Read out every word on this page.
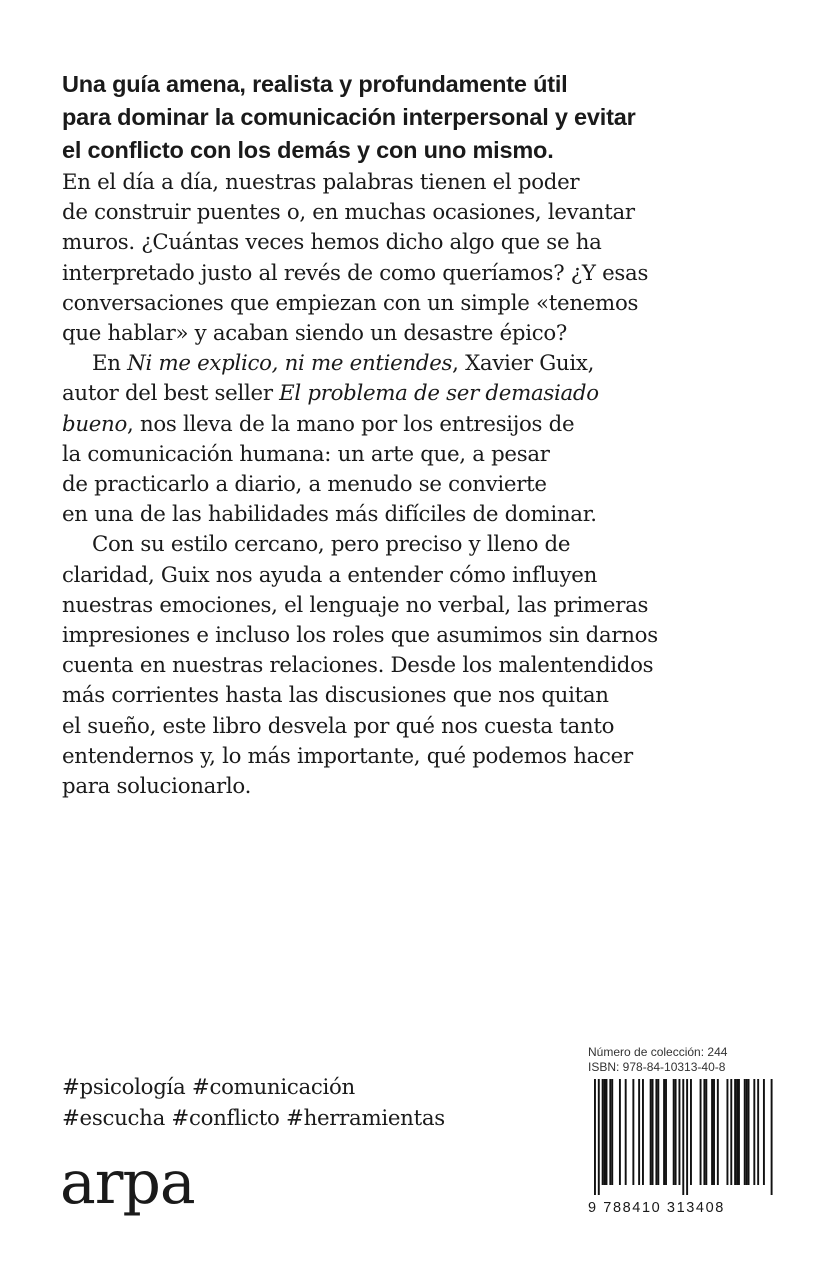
Una guía amena, realista y profundamente útil
para dominar la comunicación interpersonal y evitar
el conflicto con los demás y con uno mismo.
En el día a día, nuestras palabras tienen el poder
de construir puentes o, en muchas ocasiones, levantar
muros. ¿Cuántas veces hemos dicho algo que se ha
interpretado justo al revés de como queríamos? ¿Y esas
conversaciones que empiezan con un simple «tenemos
que hablar» y acaban siendo un desastre épico?
En Ni me explico, ni me entiendes, Xavier Guix,
autor del best seller El problema de ser demasiado
bueno, nos lleva de la mano por los entresijos de
la comunicación humana: un arte que, a pesar
de practicarlo a diario, a menudo se convierte
en una de las habilidades más difíciles de dominar.
Con su estilo cercano, pero preciso y lleno de
claridad, Guix nos ayuda a entender cómo influyen
nuestras emociones, el lenguaje no verbal, las primeras
impresiones e incluso los roles que asumimos sin darnos
cuenta en nuestras relaciones. Desde los malentendidos
más corrientes hasta las discusiones que nos quitan
el sueño, este libro desvela por qué nos cuesta tanto
entendernos y, lo más importante, qué podemos hacer
para solucionarlo.
#psicología #comunicación
#escucha #conflicto #herramientas
arpa
Número de colección: 244
ISBN: 978-84-10313-40-8
9 788410 313408
